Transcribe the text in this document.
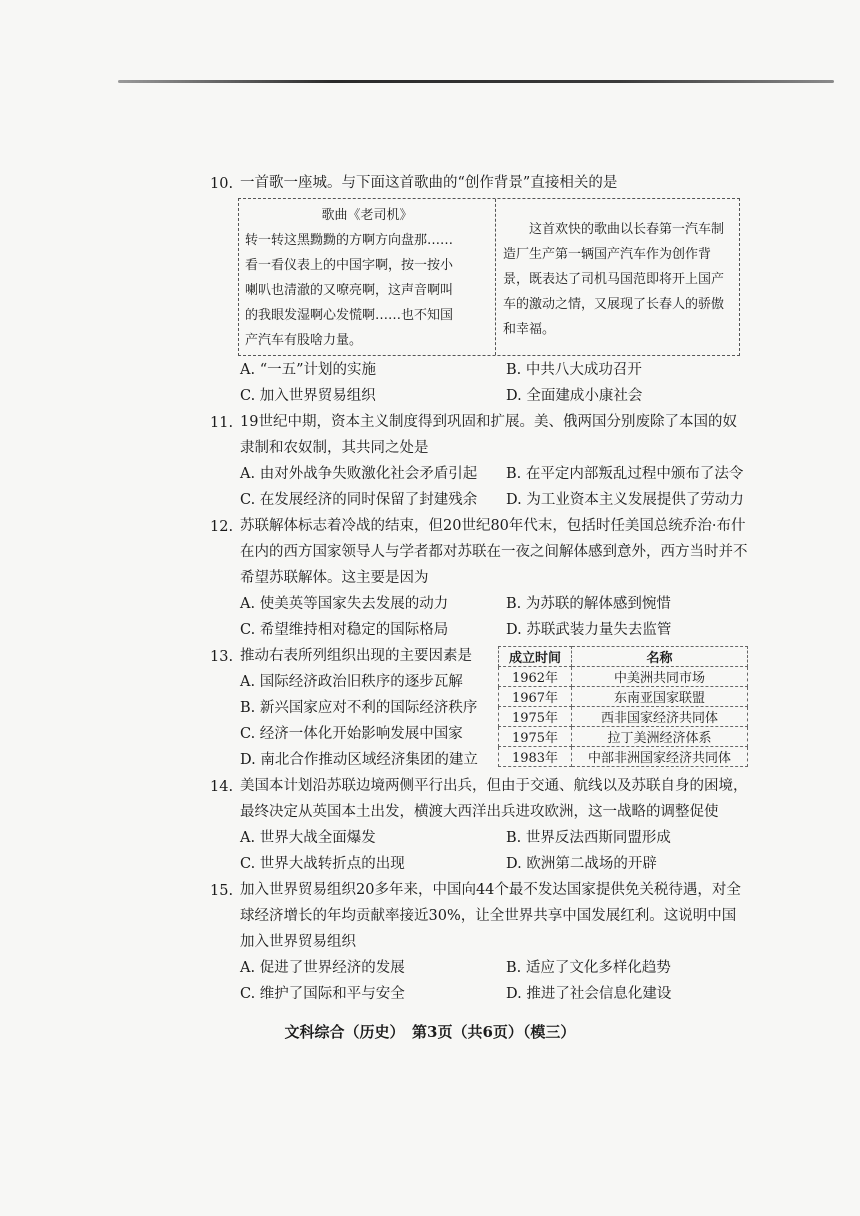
10. 一首歌一座城。与下面这首歌曲的“创作背景”直接相关的是
歌曲《老司机》
转一转这黑黝黝的方啊方向盘那……
看一看仪表上的中国字啊，按一按小
喇叭也清澈的又嘹亮啊，这声音啊叫
的我眼发湿啊心发慌啊……也不知国
产汽车有股啥力量。
这首欢快的歌曲以长春第一汽车制造厂生产第一辆国产汽车作为创作背景，既表达了司机马国范即将开上国产车的激动之情，又展现了长春人的骄傲和幸福。
A. “一五”计划的实施	B. 中共八大成功召开
C. 加入世界贸易组织	D. 全面建成小康社会
11. 19世纪中期，资本主义制度得到巩固和扩展。美、俄两国分别废除了本国的奴隶制和农奴制，其共同之处是
A. 由对外战争失败激化社会矛盾引起 B. 在平定内部叛乱过程中颁布了法令
C. 在发展经济的同时保留了封建残余 D. 为工业资本主义发展提供了劳动力
12. 苏联解体标志着冷战的结束，但20世纪80年代末，包括时任美国总统乔治·布什在内的西方国家领导人与学者都对苏联在一夜之间解体感到意外，西方当时并不希望苏联解体。这主要是因为
A. 使美英等国家失去发展的动力	B. 为苏联的解体感到惋惜
C. 希望维持相对稳定的国际格局	D. 苏联武装力量失去监管
13. 推动右表所列组织出现的主要因素是
A. 国际经济政治旧秩序的逐步瓦解
B. 新兴国家应对不利的国际经济秩序
C. 经济一体化开始影响发展中国家
D. 南北合作推动区域经济集团的建立
成立时间	名称
1962年	中美洲共同市场
1967年	东南亚国家联盟
1975年	西非国家经济共同体
1975年	拉丁美洲经济体系
1983年	中部非洲国家经济共同体
14. 美国本计划沿苏联边境两侧平行出兵，但由于交通、航线以及苏联自身的困境，最终决定从英国本土出发，横渡大西洋出兵进攻欧洲，这一战略的调整促使
A. 世界大战全面爆发	B. 世界反法西斯同盟形成
C. 世界大战转折点的出现	D. 欧洲第二战场的开辟
15. 加入世界贸易组织20多年来，中国向44个最不发达国家提供免关税待遇，对全球经济增长的年均贡献率接近30%，让全世界共享中国发展红利。这说明中国加入世界贸易组织
A. 促进了世界经济的发展	B. 适应了文化多样化趋势
C. 维护了国际和平与安全	D. 推进了社会信息化建设
文科综合（历史）　第3页（共6页）（模三）
